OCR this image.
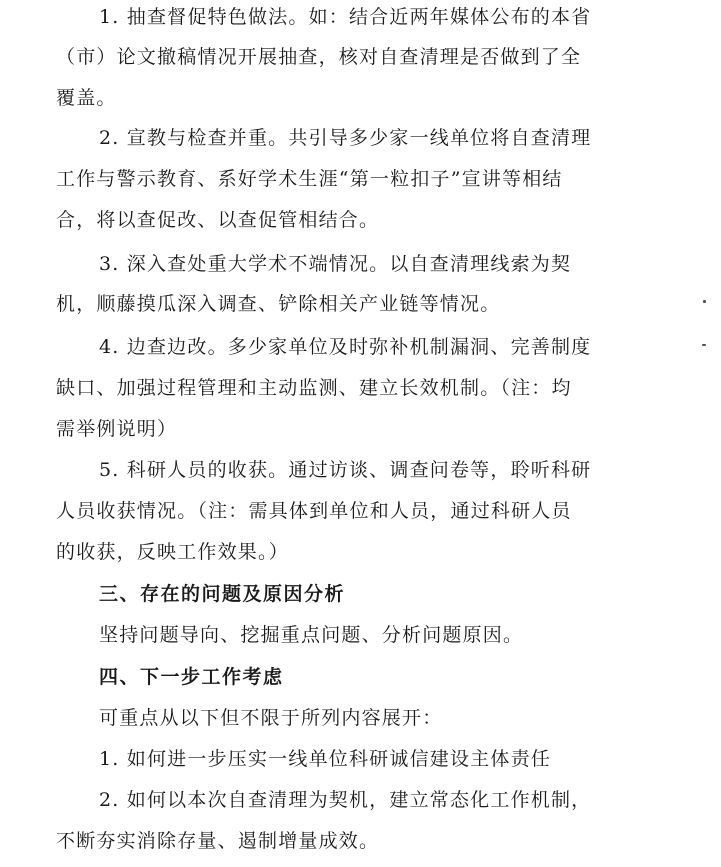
1. 抽查督促特色做法。如：结合近两年媒体公布的本省
（市）论文撤稿情况开展抽查，核对自查清理是否做到了全
覆盖。
2. 宣教与检查并重。共引导多少家一线单位将自查清理
工作与警示教育、系好学术生涯“第一粒扣子”宣讲等相结
合，将以查促改、以查促管相结合。
3. 深入查处重大学术不端情况。以自查清理线索为契
机，顺藤摸瓜深入调查、铲除相关产业链等情况。
4. 边查边改。多少家单位及时弥补机制漏洞、完善制度
缺口、加强过程管理和主动监测、建立长效机制。（注：均
需举例说明）
5. 科研人员的收获。通过访谈、调查问卷等，聆听科研
人员收获情况。（注：需具体到单位和人员，通过科研人员
的收获，反映工作效果。）
三、存在的问题及原因分析
坚持问题导向、挖掘重点问题、分析问题原因。
四、下一步工作考虑
可重点从以下但不限于所列内容展开：
1. 如何进一步压实一线单位科研诚信建设主体责任
2. 如何以本次自查清理为契机，建立常态化工作机制，
不断夯实消除存量、遏制增量成效。
